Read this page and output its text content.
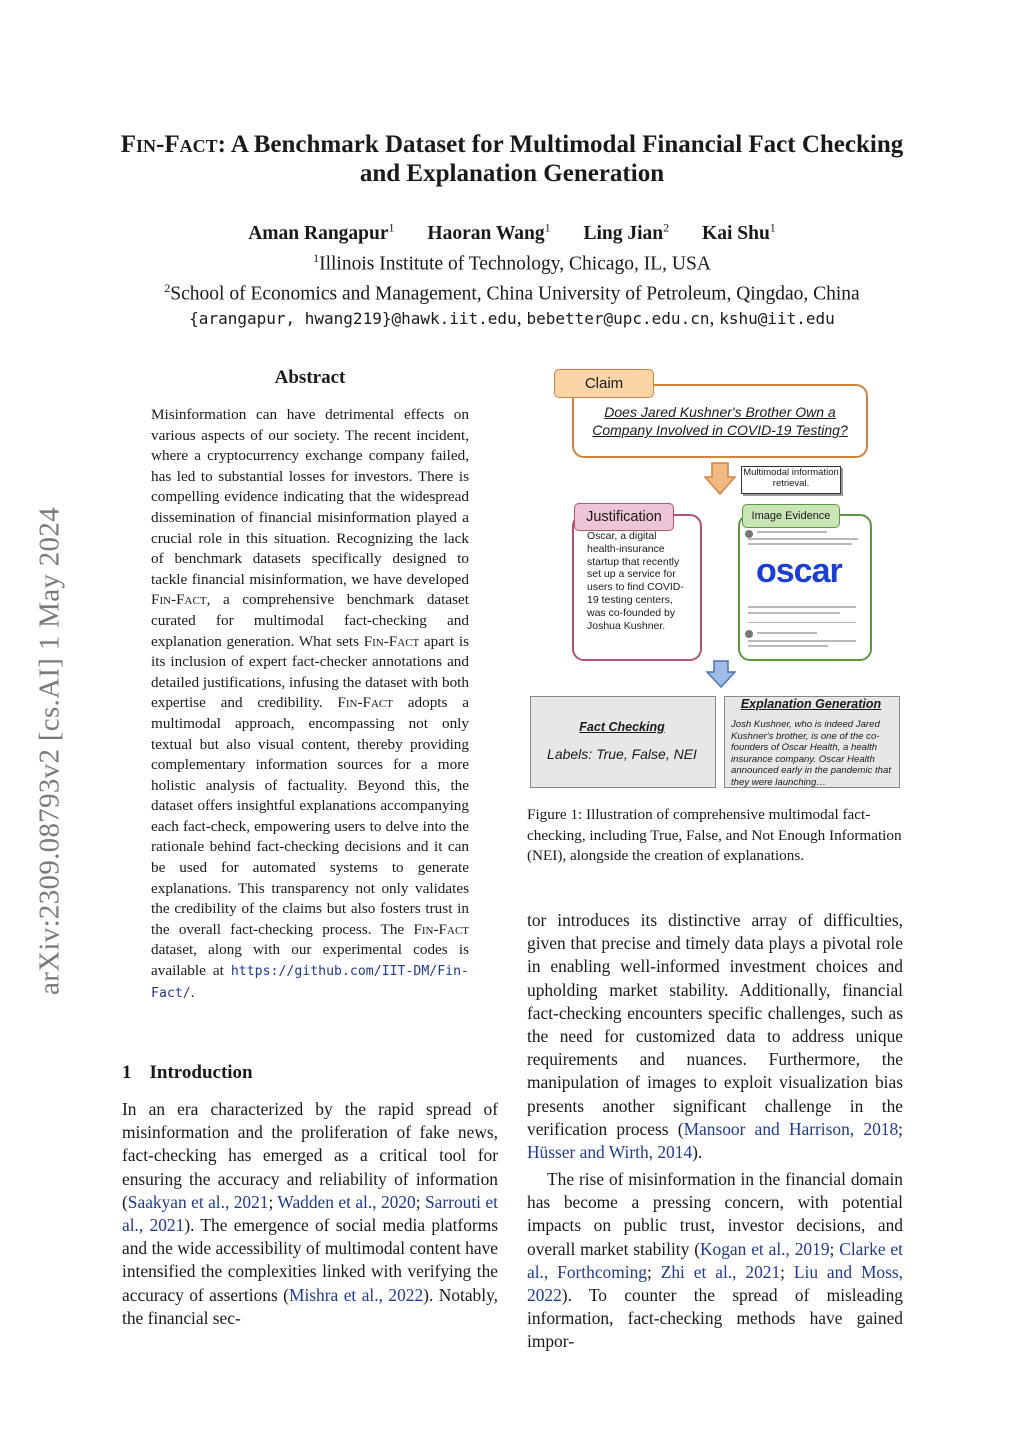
arXiv:2309.08793v2 [cs.AI] 1 May 2024
Fin-Fact: A Benchmark Dataset for Multimodal Financial Fact Checking
and Explanation Generation
Aman Rangapur$^1$ Haoran Wang$^1$ Ling Jian$^2$ Kai Shu$^1$
$^1$Illinois Institute of Technology, Chicago, IL, USA
$^2$School of Economics and Management, China University of Petroleum, Qingdao, China
{arangapur, hwang219}@hawk.iit.edu, bebetter@upc.edu.cn, kshu@iit.edu
Abstract
Misinformation can have detrimental effects on various aspects of our society. The recent incident, where a cryptocurrency exchange company failed, has led to substantial losses for investors. There is compelling evidence indicating that the widespread dissemination of financial misinformation played a crucial role in this situation. Recognizing the lack of benchmark datasets specifically designed to tackle financial misinformation, we have developed Fin-Fact, a comprehensive benchmark dataset curated for multimodal fact-checking and explanation generation. What sets Fin-Fact apart is its inclusion of expert fact-checker annotations and detailed justifications, infusing the dataset with both expertise and credibility. Fin-Fact adopts a multimodal approach, encompassing not only textual but also visual content, thereby providing complementary information sources for a more holistic analysis of factuality. Beyond this, the dataset offers insightful explanations accompanying each fact-check, empowering users to delve into the rationale behind fact-checking decisions and it can be used for automated systems to generate explanations. This transparency not only validates the credibility of the claims but also fosters trust in the overall fact-checking process. The Fin-Fact dataset, along with our experimental codes is available at https://github.com/IIT-DM/Fin-Fact/.
1 Introduction
In an era characterized by the rapid spread of misinformation and the proliferation of fake news, fact-checking has emerged as a critical tool for ensuring the accuracy and reliability of information (Saakyan et al., 2021; Wadden et al., 2020; Sarrouti et al., 2021). The emergence of social media platforms and the wide accessibility of multimodal content have intensified the complexities linked with verifying the accuracy of assertions (Mishra et al., 2022). Notably, the financial sec-
Does Jared Kushner's Brother Own a Company Involved in COVID-19 Testing?
Claim
Multimodal information retrieval.
Justification
Oscar, a digital health-insurance startup that recently set up a service for users to find COVID-19 testing centers, was co-founded by Joshua Kushner.
Image Evidence
oscar
Fact Checking
Labels: True, False, NEI
Explanation Generation
Josh Kushner, who is indeed Jared Kushner's brother, is one of the co-founders of Oscar Health, a health insurance company. Oscar Health announced early in the pandemic that they were launching…
Figure 1: Illustration of comprehensive multimodal fact-checking, including True, False, and Not Enough Information (NEI), alongside the creation of explanations.
tor introduces its distinctive array of difficulties, given that precise and timely data plays a pivotal role in enabling well-informed investment choices and upholding market stability. Additionally, financial fact-checking encounters specific challenges, such as the need for customized data to address unique requirements and nuances. Furthermore, the manipulation of images to exploit visualization bias presents another significant challenge in the verification process (Mansoor and Harrison, 2018; Hüsser and Wirth, 2014).
The rise of misinformation in the financial domain has become a pressing concern, with potential impacts on public trust, investor decisions, and overall market stability (Kogan et al., 2019; Clarke et al., Forthcoming; Zhi et al., 2021; Liu and Moss, 2022). To counter the spread of misleading information, fact-checking methods have gained impor-
